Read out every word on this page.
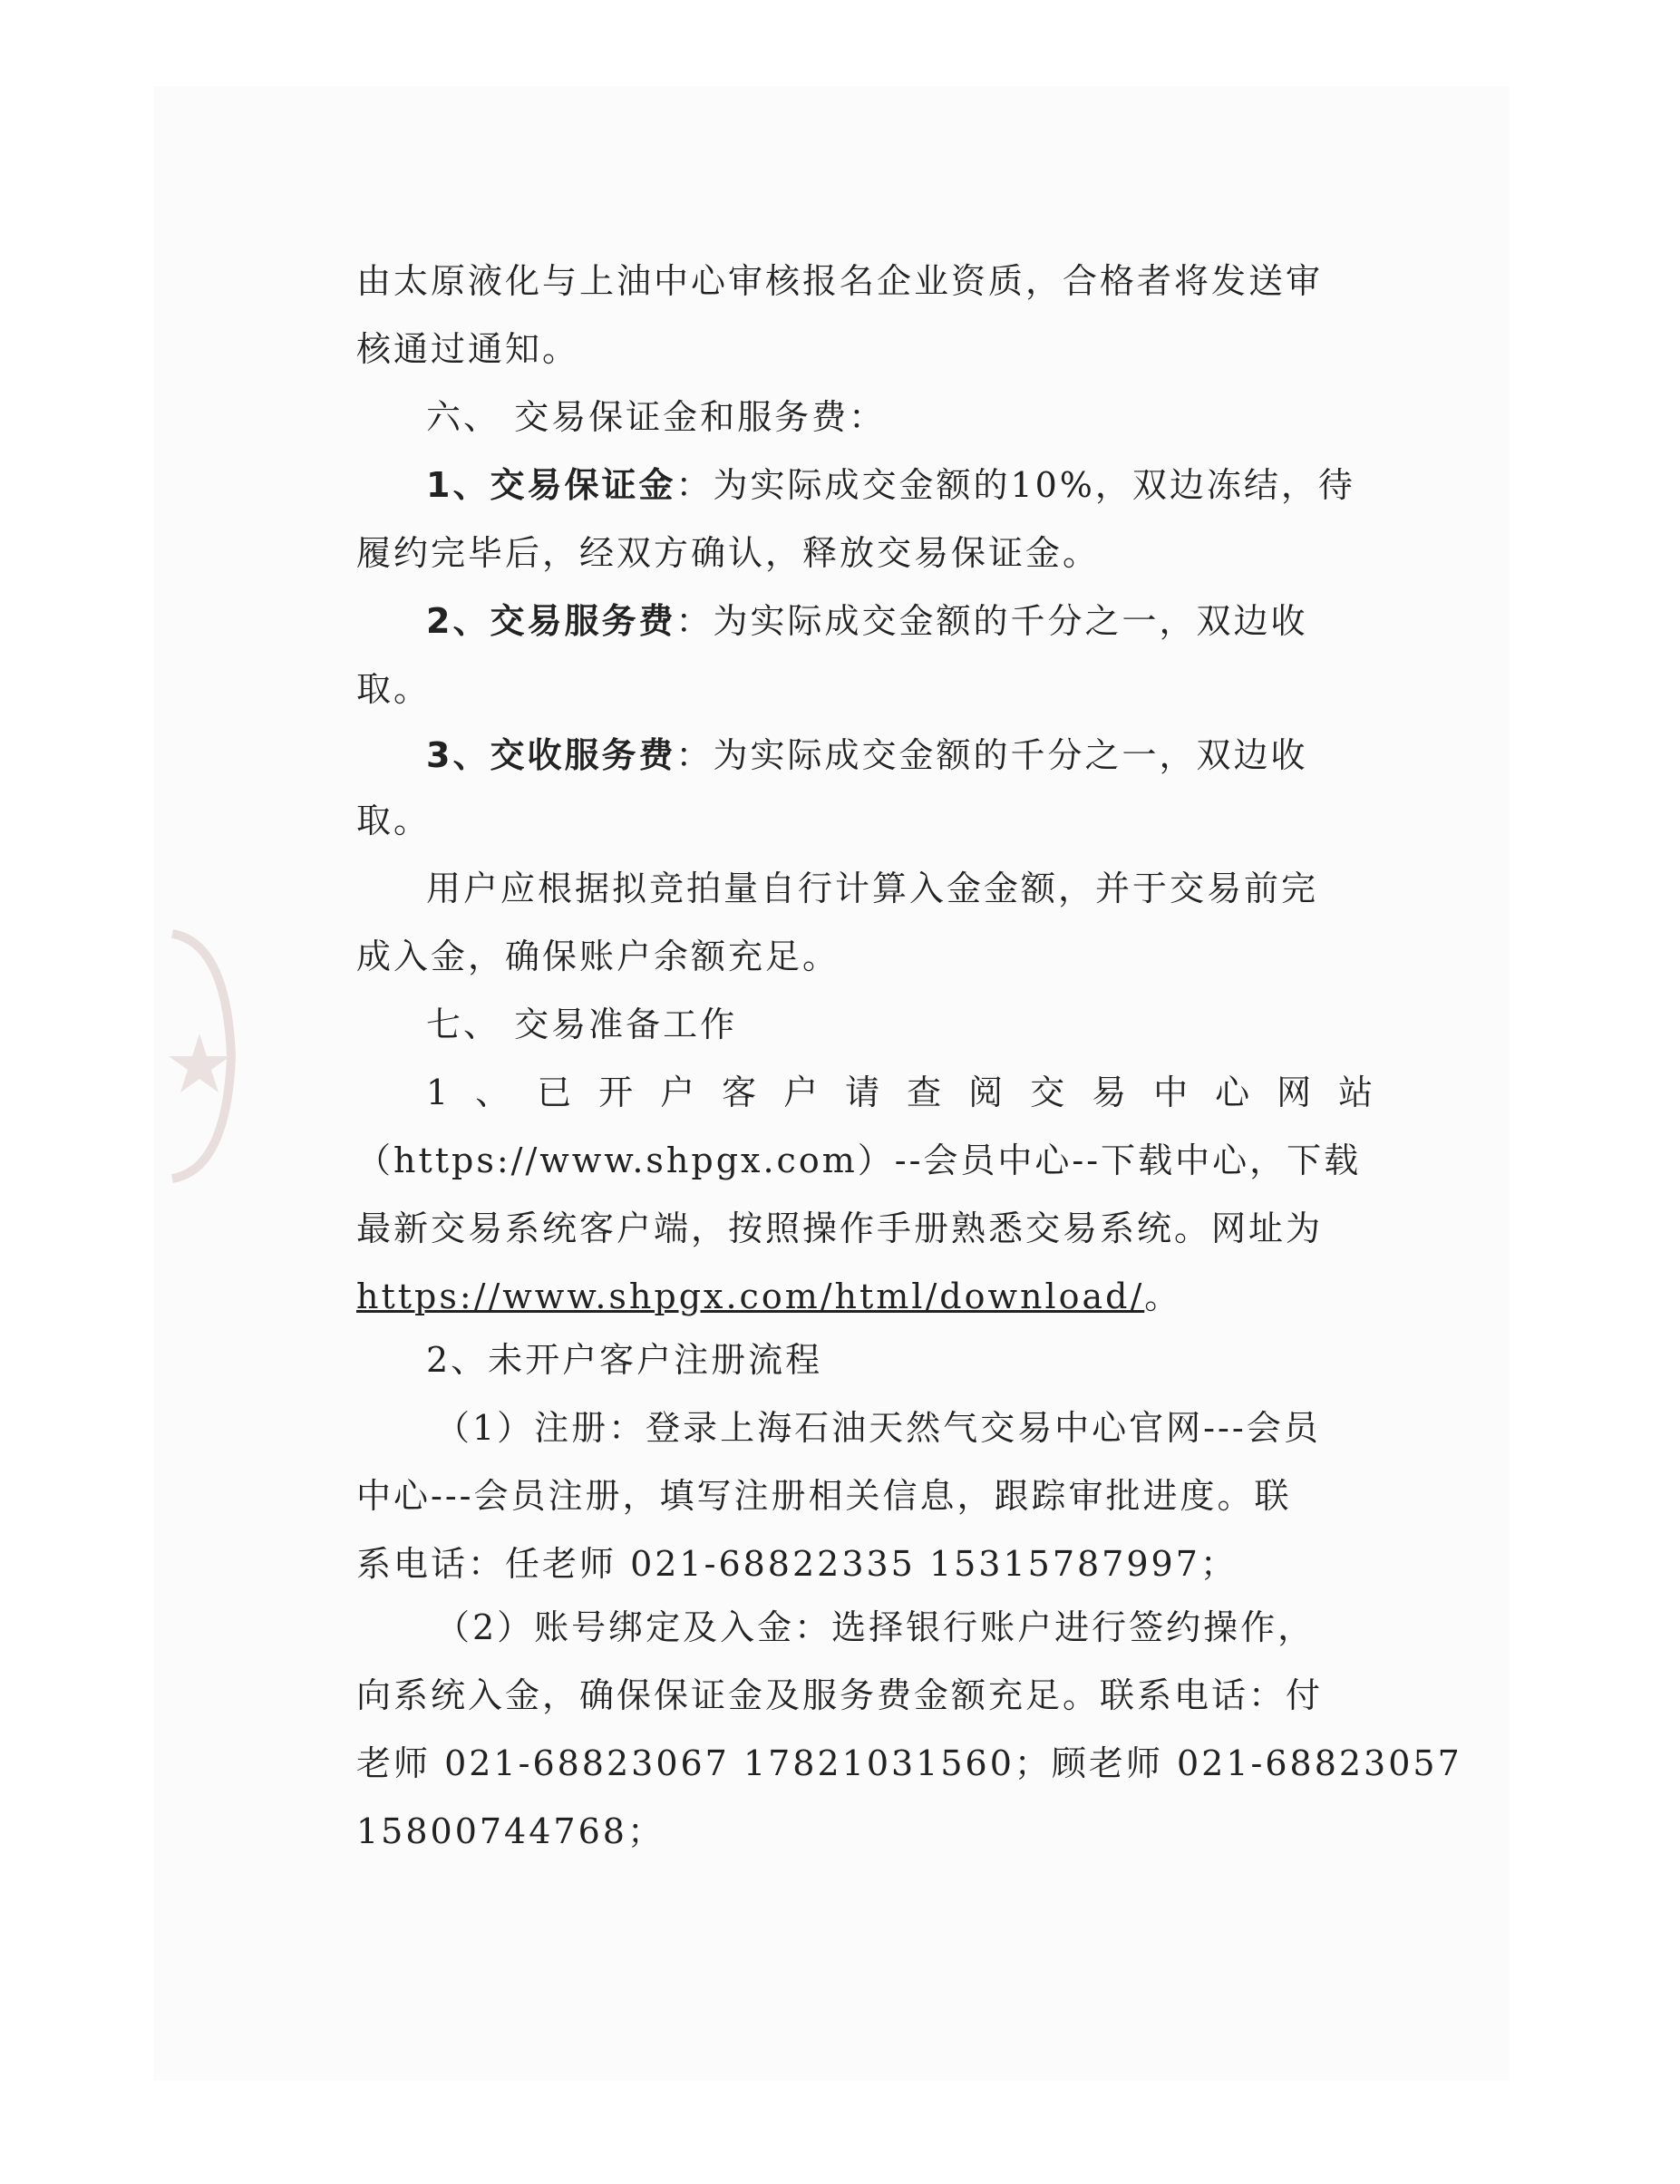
由太原液化与上油中心审核报名企业资质，合格者将发送审
核通过通知。
六、 交易保证金和服务费：
1、交易保证金：为实际成交金额的10%，双边冻结，待
履约完毕后，经双方确认，释放交易保证金。
2、交易服务费：为实际成交金额的千分之一，双边收
取。
3、交收服务费：为实际成交金额的千分之一，双边收
取。
用户应根据拟竞拍量自行计算入金金额，并于交易前完
成入金，确保账户余额充足。
七、 交易准备工作
1、已开户客户请查阅交易中心网站
（https://www.shpgx.com）--会员中心--下载中心，下载
最新交易系统客户端，按照操作手册熟悉交易系统。网址为
https://www.shpgx.com/html/download/。
2、未开户客户注册流程
（1）注册：登录上海石油天然气交易中心官网---会员
中心---会员注册，填写注册相关信息，跟踪审批进度。联
系电话：任老师 021-68822335 15315787997；
（2）账号绑定及入金：选择银行账户进行签约操作，
向系统入金，确保保证金及服务费金额充足。联系电话：付
老师 021-68823067 17821031560；顾老师 021-68823057
15800744768；
